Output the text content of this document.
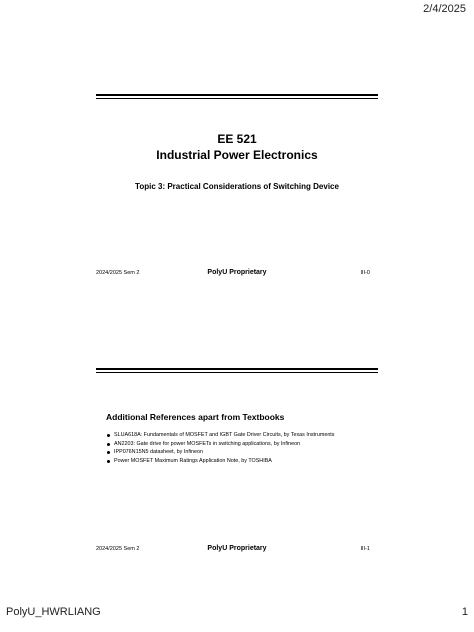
2/4/2025
EE 521
Industrial Power Electronics
Topic 3: Practical Considerations of Switching Device
2024/2025 Sem 2	PolyU Proprietary	III-0
Additional References apart from Textbooks
SLUA618A: Fundamentals of MOSFET and IGBT Gate Driver Circuits, by Texas Instruments
AN2203: Gate drive for power MOSFETs in switching applications, by Infineon
IPP076N15N5 datasheet, by Infineon
Power MOSFET Maximum Ratings Application Note, by TOSHIBA
2024/2025 Sem 2	PolyU Proprietary	III-1
PolyU_HWRLIANG	1
